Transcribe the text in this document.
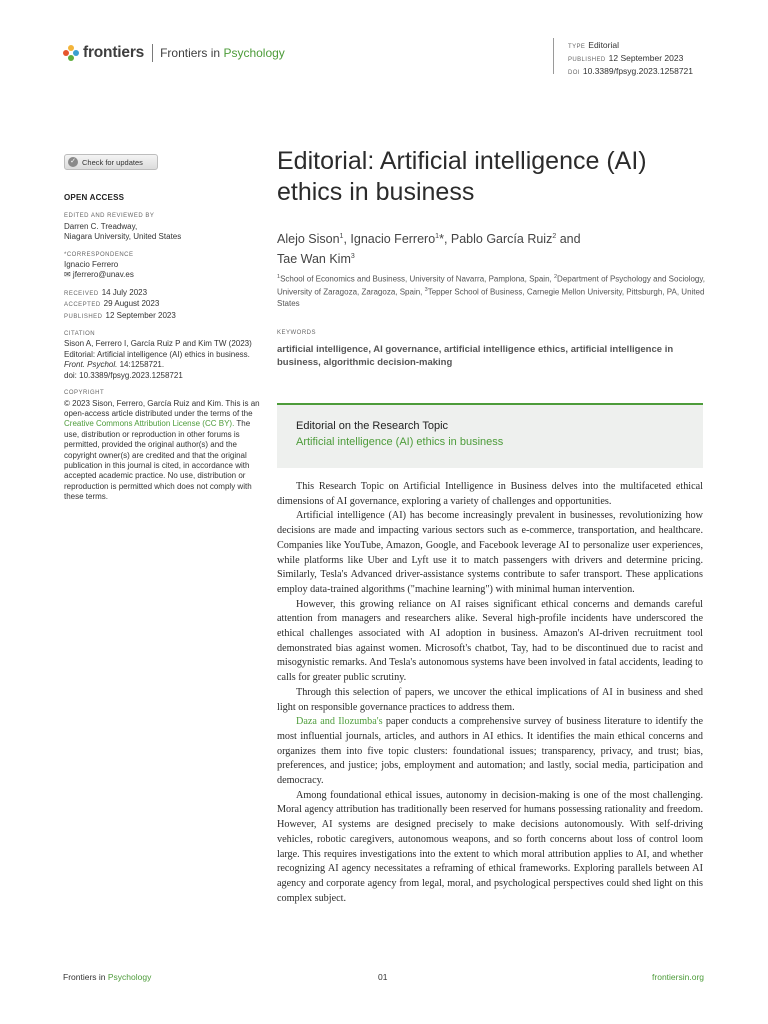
frontiers Frontiers in Psychology	TYPE Editorial
PUBLISHED 12 September 2023
DOI 10.3389/fpsyg.2023.1258721
✓ Check for updates
OPEN ACCESS
EDITED AND REVIEWED BY
Darren C. Treadway,
Niagara University, United States
*CORRESPONDENCE
Ignacio Ferrero
✉ jferrero@unav.es
RECEIVED 14 July 2023
ACCEPTED 29 August 2023
PUBLISHED 12 September 2023
CITATION
Sison A, Ferrero I, García Ruiz P and Kim TW (2023) Editorial: Artificial intelligence (AI) ethics in business. Front. Psychol. 14:1258721.
doi: 10.3389/fpsyg.2023.1258721
COPYRIGHT
© 2023 Sison, Ferrero, García Ruiz and Kim. This is an open-access article distributed under the terms of the Creative Commons Attribution License (CC BY). The use, distribution or reproduction in other forums is permitted, provided the original author(s) and the copyright owner(s) are credited and that the original publication in this journal is cited, in accordance with accepted academic practice. No use, distribution or reproduction is permitted which does not comply with these terms.
Editorial: Artificial intelligence (AI) ethics in business
Alejo Sison$^1$, Ignacio Ferrero$^1$*, Pablo García Ruiz$^2$ and
Tae Wan Kim$^3$
$^1$School of Economics and Business, University of Navarra, Pamplona, Spain, $^2$Department of Psychology and Sociology, University of Zaragoza, Zaragoza, Spain, $^3$Tepper School of Business, Carnegie Mellon University, Pittsburgh, PA, United States
KEYWORDS
artificial intelligence, AI governance, artificial intelligence ethics, artificial intelligence in business, algorithmic decision-making
Editorial on the Research Topic
Artificial intelligence (AI) ethics in business

This Research Topic on Artificial Intelligence in Business delves into the multifaceted ethical dimensions of AI governance, exploring a variety of challenges and opportunities.

Artificial intelligence (AI) has become increasingly prevalent in businesses, revolutionizing how decisions are made and impacting various sectors such as e-commerce, transportation, and healthcare. Companies like YouTube, Amazon, Google, and Facebook leverage AI to personalize user experiences, while platforms like Uber and Lyft use it to match passengers with drivers and determine pricing. Similarly, Tesla's Advanced driver-assistance systems contribute to safer transport. These applications employ data-trained algorithms ("machine learning") with minimal human intervention.

However, this growing reliance on AI raises significant ethical concerns and demands careful attention from managers and researchers alike. Several high-profile incidents have underscored the ethical challenges associated with AI adoption in business. Amazon's AI-driven recruitment tool demonstrated bias against women. Microsoft's chatbot, Tay, had to be discontinued due to racist and misogynistic remarks. And Tesla's autonomous systems have been involved in fatal accidents, leading to calls for greater public scrutiny.

Through this selection of papers, we uncover the ethical implications of AI in business and shed light on responsible governance practices to address them.

Daza and Ilozumba's paper conducts a comprehensive survey of business literature to identify the most influential journals, articles, and authors in AI ethics. It identifies the main ethical concerns and organizes them into five topic clusters: foundational issues; transparency, privacy, and trust; bias, preferences, and justice; jobs, employment and automation; and lastly, social media, participation and democracy.

Among foundational ethical issues, autonomy in decision-making is one of the most challenging. Moral agency attribution has traditionally been reserved for humans possessing rationality and freedom. However, AI systems are designed precisely to make decisions autonomously. With self-driving vehicles, robotic caregivers, autonomous weapons, and so forth concerns about loss of control loom large. This requires investigations into the extent to which moral attribution applies to AI, and whether recognizing AI agency necessitates a reframing of ethical frameworks. Exploring parallels between AI agency and corporate agency from legal, moral, and psychological perspectives could shed light on this complex subject.

Frontiers in Psychology	01	frontiersin.org
